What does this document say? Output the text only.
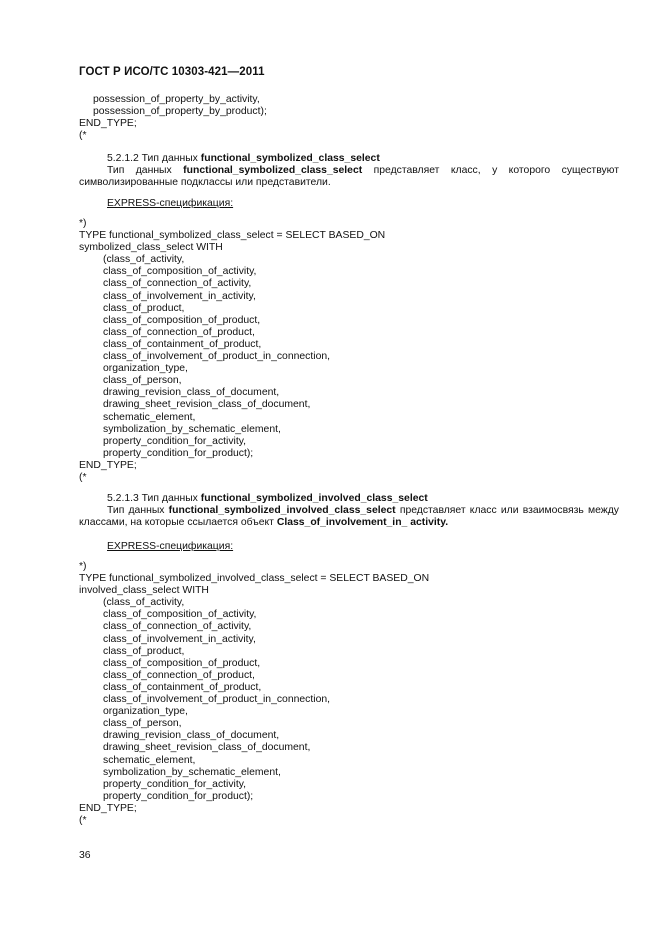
ГОСТ Р ИСО/ТС 10303-421—2011
possession_of_property_by_activity,
possession_of_property_by_product);
END_TYPE;
(*
5.2.1.2 Тип данных functional_symbolized_class_select
Тип данных functional_symbolized_class_select представляет класс, у которого существуют символизированные подклассы или представители.
EXPRESS-спецификация:
*)
TYPE functional_symbolized_class_select = SELECT BASED_ON
symbolized_class_select WITH
(class_of_activity,
class_of_composition_of_activity,
class_of_connection_of_activity,
class_of_involvement_in_activity,
class_of_product,
class_of_composition_of_product,
class_of_connection_of_product,
class_of_containment_of_product,
class_of_involvement_of_product_in_connection,
organization_type,
class_of_person,
drawing_revision_class_of_document,
drawing_sheet_revision_class_of_document,
schematic_element,
symbolization_by_schematic_element,
property_condition_for_activity,
property_condition_for_product);
END_TYPE;
(*
5.2.1.3 Тип данных functional_symbolized_involved_class_select
Тип данных functional_symbolized_involved_class_select представляет класс или взаимосвязь между классами, на которые ссылается объект Class_of_involvement_in_ activity.
EXPRESS-спецификация:
*)
TYPE functional_symbolized_involved_class_select = SELECT BASED_ON
involved_class_select WITH
(class_of_activity,
class_of_composition_of_activity,
class_of_connection_of_activity,
class_of_involvement_in_activity,
class_of_product,
class_of_composition_of_product,
class_of_connection_of_product,
class_of_containment_of_product,
class_of_involvement_of_product_in_connection,
organization_type,
class_of_person,
drawing_revision_class_of_document,
drawing_sheet_revision_class_of_document,
schematic_element,
symbolization_by_schematic_element,
property_condition_for_activity,
property_condition_for_product);
END_TYPE;
(*
36
